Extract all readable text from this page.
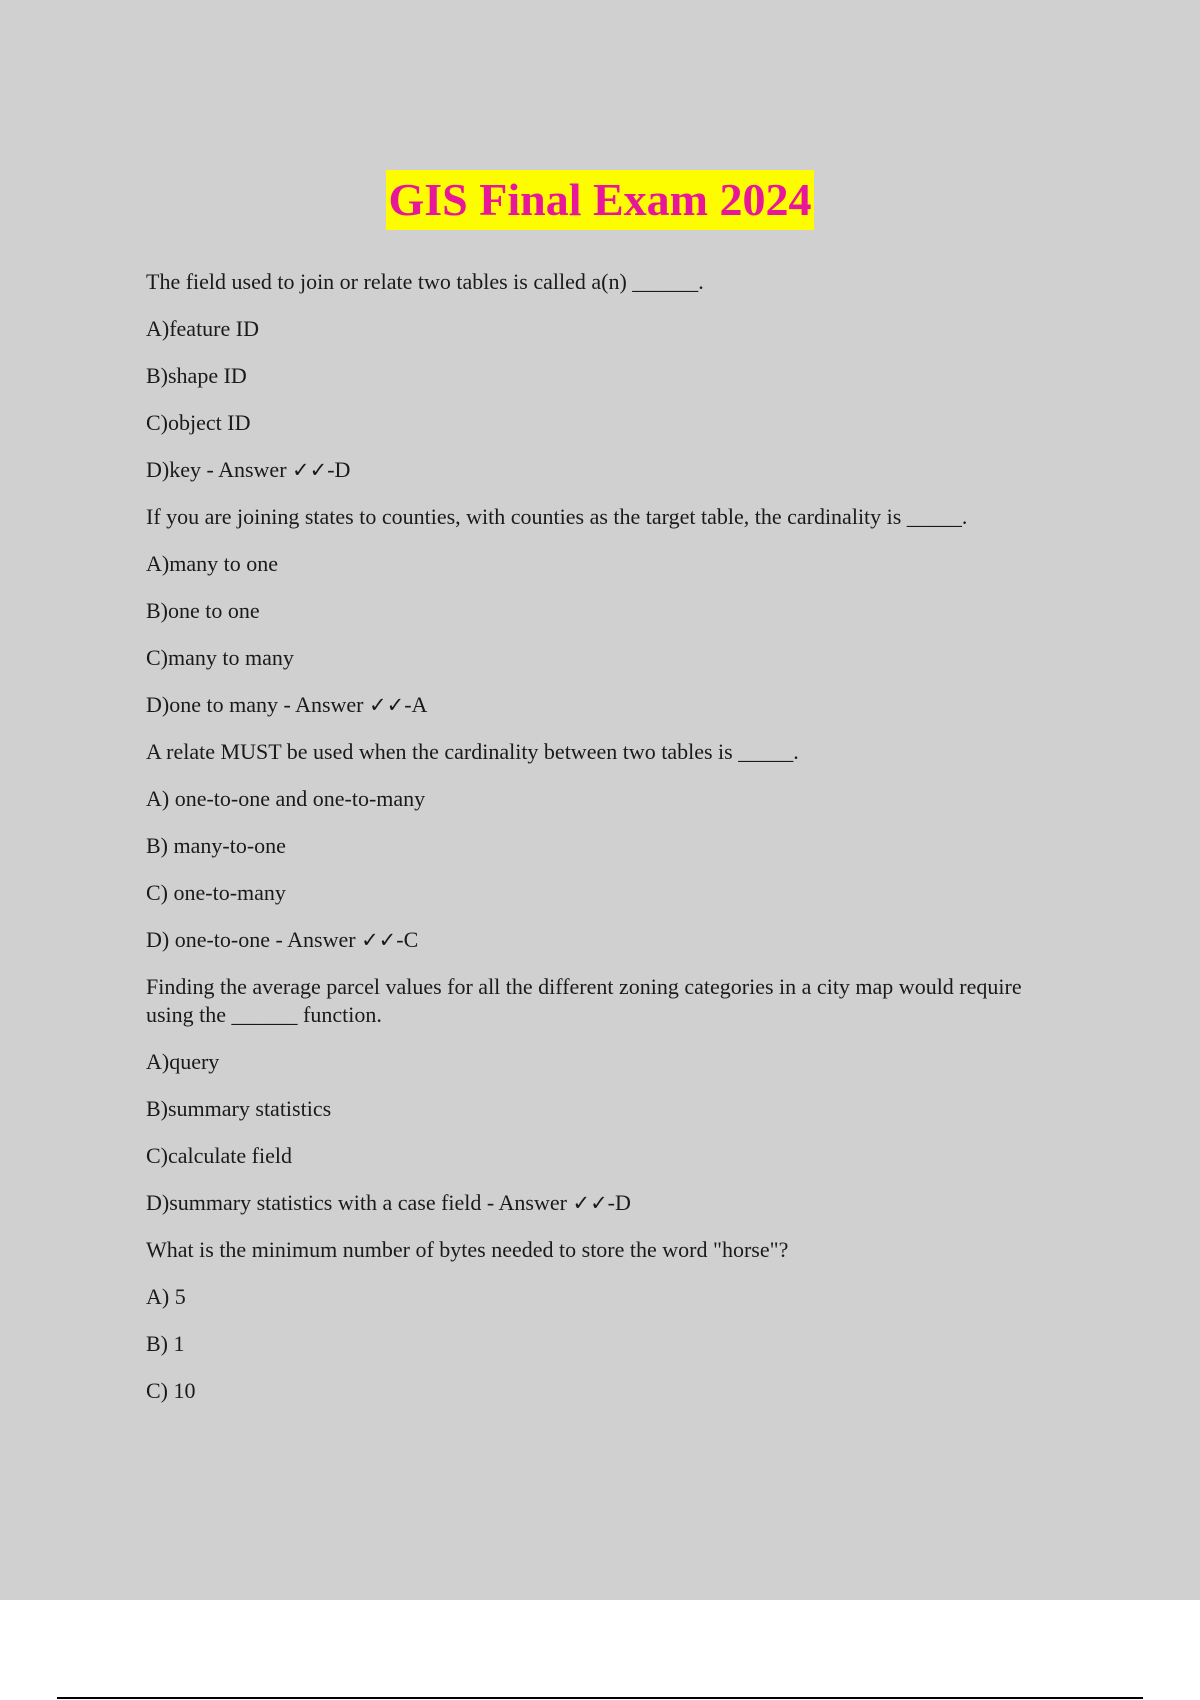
GIS Final Exam 2024
The field used to join or relate two tables is called a(n) ______.
A)feature ID
B)shape ID
C)object ID
D)key - Answer ✓✓-D
If you are joining states to counties, with counties as the target table, the cardinality is _____.
A)many to one
B)one to one
C)many to many
D)one to many - Answer ✓✓-A
A relate MUST be used when the cardinality between two tables is _____.
A) one-to-one and one-to-many
B) many-to-one
C) one-to-many
D) one-to-one - Answer ✓✓-C
Finding the average parcel values for all the different zoning categories in a city map would require using the ______ function.
A)query
B)summary statistics
C)calculate field
D)summary statistics with a case field - Answer ✓✓-D
What is the minimum number of bytes needed to store the word "horse"?
A) 5
B) 1
C) 10
